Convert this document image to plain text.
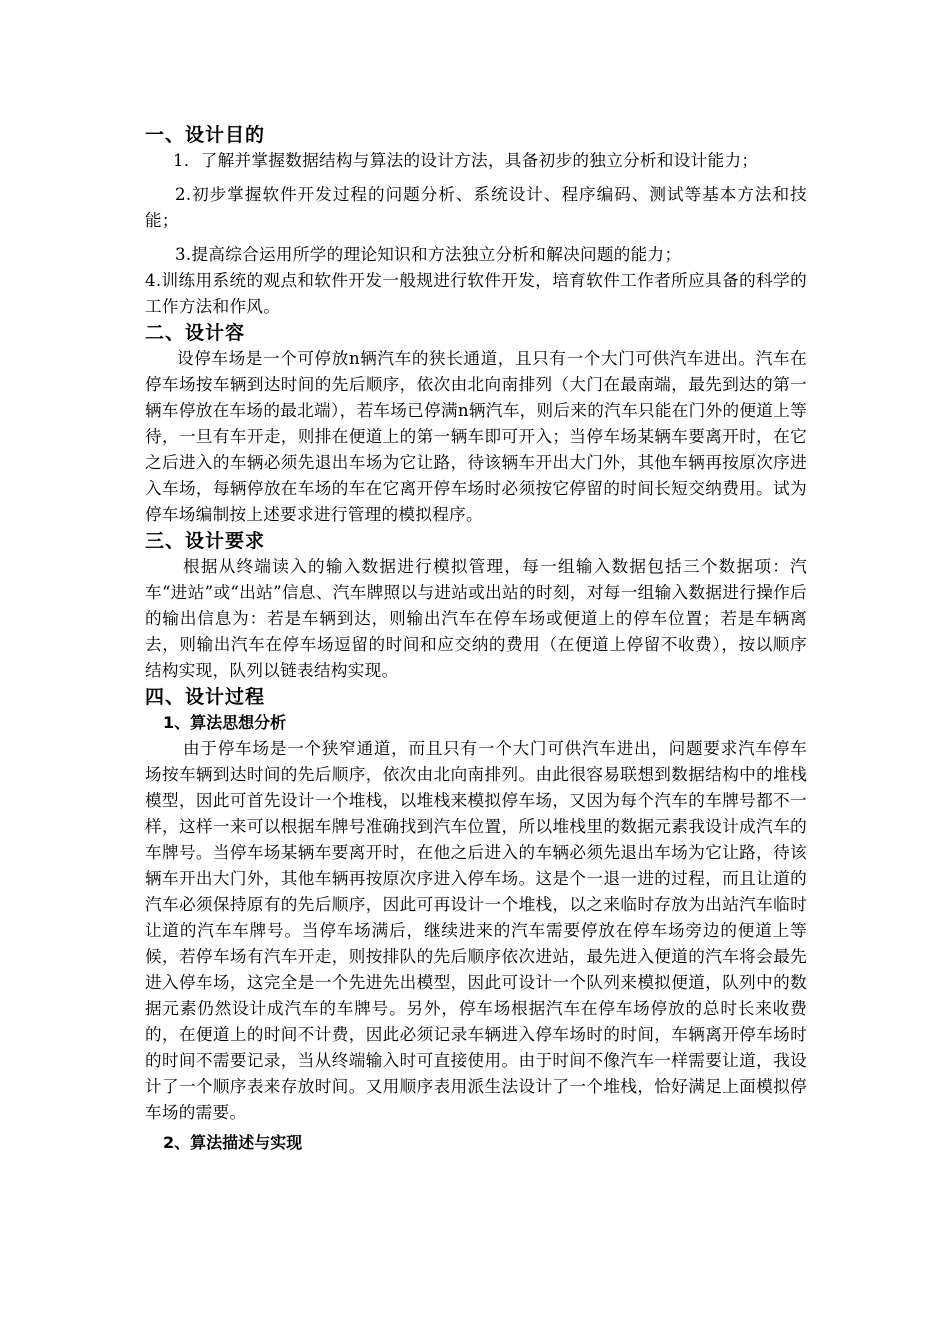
一、设计目的

1．了解并掌握数据结构与算法的设计方法，具备初步的独立分析和设计能力；

2.初步掌握软件开发过程的问题分析、系统设计、程序编码、测试等基本方法和技能；

3.提高综合运用所学的理论知识和方法独立分析和解决问题的能力；

4.训练用系统的观点和软件开发一般规进行软件开发，培育软件工作者所应具备的科学的工作方法和作风。

二、设计容

设停车场是一个可停放n辆汽车的狭长通道，且只有一个大门可供汽车进出。汽车在停车场按车辆到达时间的先后顺序，依次由北向南排列（大门在最南端，最先到达的第一辆车停放在车场的最北端），若车场已停满n辆汽车，则后来的汽车只能在门外的便道上等待，一旦有车开走，则排在便道上的第一辆车即可开入；当停车场某辆车要离开时，在它之后进入的车辆必须先退出车场为它让路，待该辆车开出大门外，其他车辆再按原次序进入车场，每辆停放在车场的车在它离开停车场时必须按它停留的时间长短交纳费用。试为停车场编制按上述要求进行管理的模拟程序。

三、设计要求

根据从终端读入的输入数据进行模拟管理，每一组输入数据包括三个数据项：汽车“进站”或“出站”信息、汽车牌照以与进站或出站的时刻，对每一组输入数据进行操作后的输出信息为：若是车辆到达，则输出汽车在停车场或便道上的停车位置；若是车辆离去，则输出汽车在停车场逗留的时间和应交纳的费用（在便道上停留不收费），按以顺序结构实现，队列以链表结构实现。

四、设计过程
1、算法思想分析

由于停车场是一个狭窄通道，而且只有一个大门可供汽车进出，问题要求汽车停车场按车辆到达时间的先后顺序，依次由北向南排列。由此很容易联想到数据结构中的堆栈模型，因此可首先设计一个堆栈，以堆栈来模拟停车场，又因为每个汽车的车牌号都不一样，这样一来可以根据车牌号准确找到汽车位置，所以堆栈里的数据元素我设计成汽车的车牌号。当停车场某辆车要离开时，在他之后进入的车辆必须先退出车场为它让路，待该辆车开出大门外，其他车辆再按原次序进入停车场。这是个一退一进的过程，而且让道的汽车必须保持原有的先后顺序，因此可再设计一个堆栈，以之来临时存放为出站汽车临时让道的汽车车牌号。当停车场满后，继续进来的汽车需要停放在停车场旁边的便道上等候，若停车场有汽车开走，则按排队的先后顺序依次进站，最先进入便道的汽车将会最先进入停车场，这完全是一个先进先出模型，因此可设计一个队列来模拟便道，队列中的数据元素仍然设计成汽车的车牌号。另外，停车场根据汽车在停车场停放的总时长来收费的，在便道上的时间不计费，因此必须记录车辆进入停车场时的时间，车辆离开停车场时的时间不需要记录，当从终端输入时可直接使用。由于时间不像汽车一样需要让道，我设计了一个顺序表来存放时间。又用顺序表用派生法设计了一个堆栈，恰好满足上面模拟停车场的需要。

2、算法描述与实现
